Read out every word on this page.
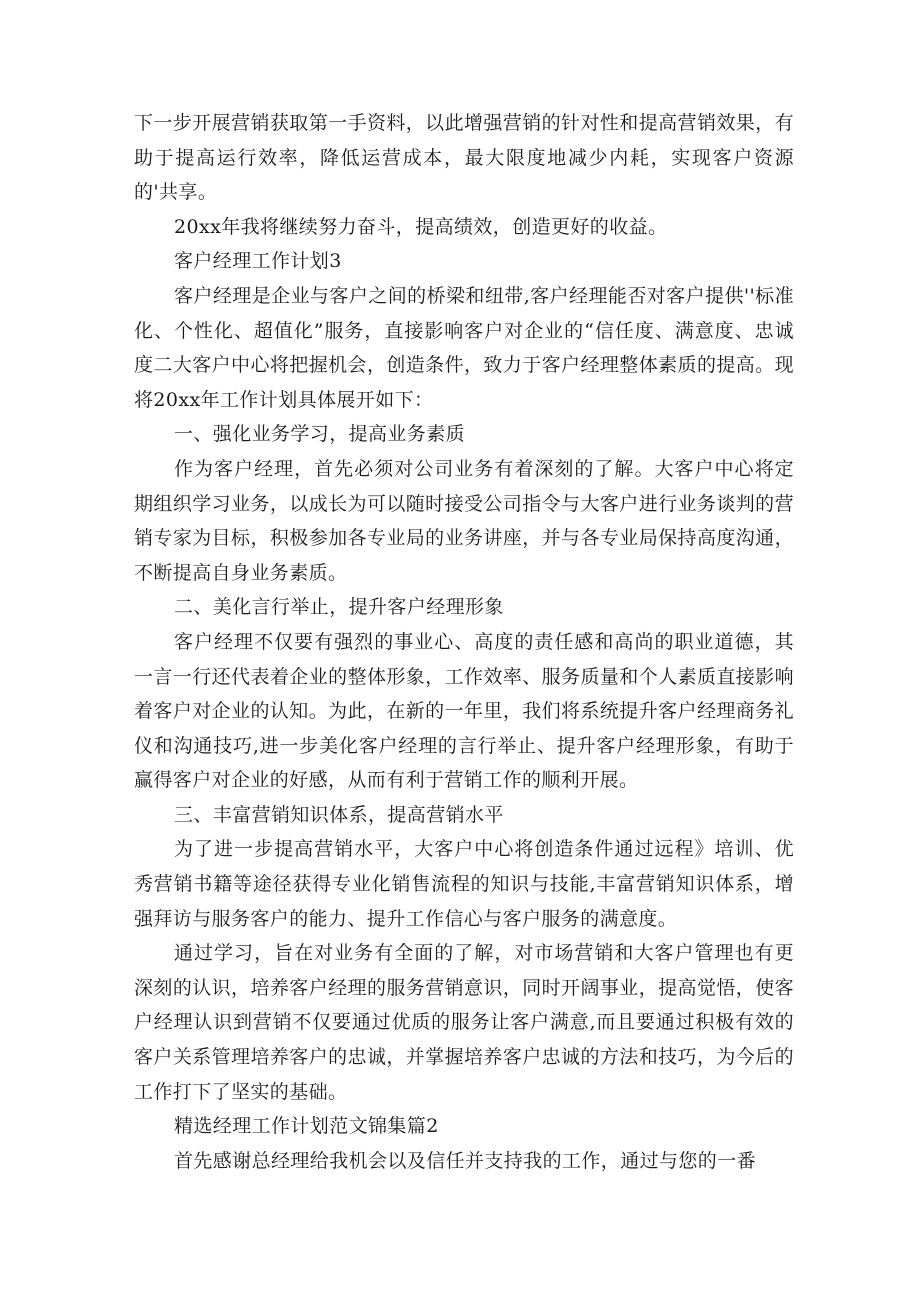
下一步开展营销获取第一手资料，以此增强营销的针对性和提高营销效果，有助于提高运行效率，降低运营成本，最大限度地减少内耗，实现客户资源的'共享。

20xx年我将继续努力奋斗，提高绩效，创造更好的收益。

客户经理工作计划3

客户经理是企业与客户之间的桥梁和纽带,客户经理能否对客户提供''标准化、个性化、超值化”服务，直接影响客户对企业的“信任度、满意度、忠诚度二大客户中心将把握机会，创造条件，致力于客户经理整体素质的提高。现将20xx年工作计划具体展开如下：

一、强化业务学习，提高业务素质

作为客户经理，首先必须对公司业务有着深刻的了解。大客户中心将定期组织学习业务，以成长为可以随时接受公司指令与大客户进行业务谈判的营销专家为目标，积极参加各专业局的业务讲座，并与各专业局保持高度沟通，不断提高自身业务素质。

二、美化言行举止，提升客户经理形象

客户经理不仅要有强烈的事业心、高度的责任感和高尚的职业道德，其一言一行还代表着企业的整体形象，工作效率、服务质量和个人素质直接影响着客户对企业的认知。为此，在新的一年里，我们将系统提升客户经理商务礼仪和沟通技巧,进一步美化客户经理的言行举止、提升客户经理形象，有助于赢得客户对企业的好感，从而有利于营销工作的顺利开展。

三、丰富营销知识体系，提高营销水平

为了进一步提高营销水平，大客户中心将创造条件通过远程》培训、优秀营销书籍等途径获得专业化销售流程的知识与技能,丰富营销知识体系，增强拜访与服务客户的能力、提升工作信心与客户服务的满意度。

通过学习，旨在对业务有全面的了解，对市场营销和大客户管理也有更深刻的认识，培养客户经理的服务营销意识，同时开阔事业，提高觉悟，使客户经理认识到营销不仅要通过优质的服务让客户满意,而且要通过积极有效的客户关系管理培养客户的忠诚，并掌握培养客户忠诚的方法和技巧，为今后的工作打下了坚实的基础。

精选经理工作计划范文锦集篇2

首先感谢总经理给我机会以及信任并支持我的工作，通过与您的一番
